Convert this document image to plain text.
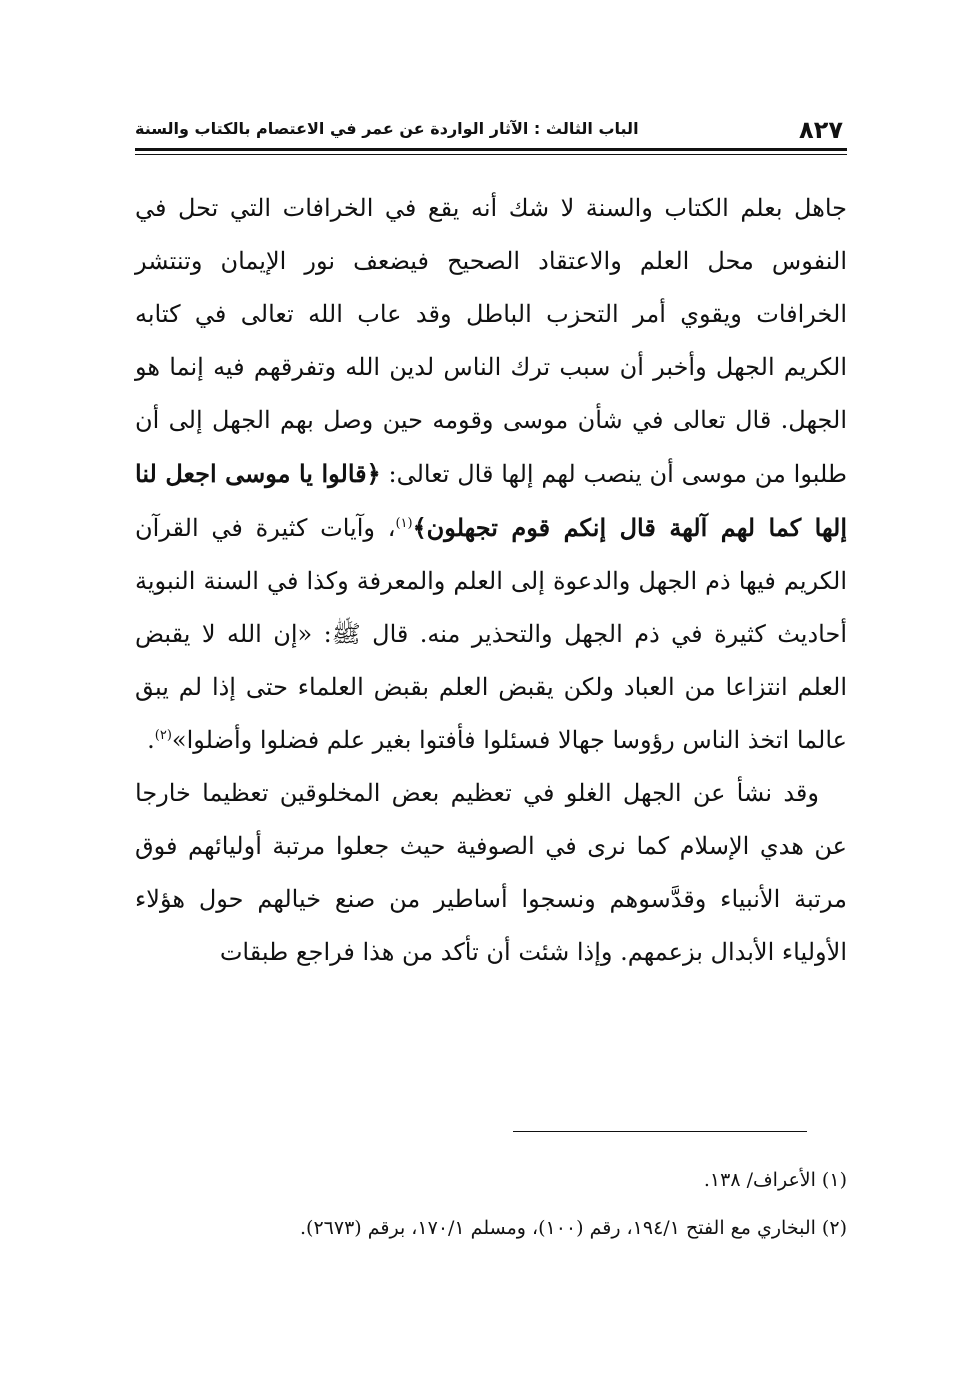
٨٢٧
الباب الثالث : الآثار الواردة عن عمر في الاعتصام بالكتاب والسنة

جاهل بعلم الكتاب والسنة لا شك أنه يقع في الخرافات التي تحل في النفوس محل العلم والاعتقاد الصحيح فيضعف نور الإيمان وتنتشر الخرافات ويقوي أمر التحزب الباطل وقد عاب الله تعالى في كتابه الكريم الجهل وأخبر أن سبب ترك الناس لدين الله وتفرقهم فيه إنما هو الجهل. قال تعالى في شأن موسى وقومه حين وصل بهم الجهل إلى أن طلبوا من موسى أن ينصب لهم إلها قال تعالى: ﴿قالوا يا موسى اجعل لنا إلها كما لهم آلهة قال إنكم قوم تجهلون﴾$^{(١)}$، وآيات كثيرة في القرآن الكريم فيها ذم الجهل والدعوة إلى العلم والمعرفة وكذا في السنة النبوية أحاديث كثيرة في ذم الجهل والتحذير منه. قال ﷺ: «إن الله لا يقبض العلم انتزاعا من العباد ولكن يقبض العلم بقبض العلماء حتى إذا لم يبق عالما اتخذ الناس رؤوسا جهالا فسئلوا فأفتوا بغير علم فضلوا وأضلوا»$^{(٢)}$.

وقد نشأ عن الجهل الغلو في تعظيم بعض المخلوقين تعظيما خارجا عن هدي الإسلام كما نرى في الصوفية حيث جعلوا مرتبة أوليائهم فوق مرتبة الأنبياء وقدَّسوهم ونسجوا أساطير من صنع خيالهم حول هؤلاء الأولياء الأبدال بزعمهم. وإذا شئت أن تأكد من هذا فراجع طبقات

(١) الأعراف/ ١٣٨.

(٢) البخاري مع الفتح ١٩٤/١، رقم (١٠٠)، ومسلم ١٧٠/١، برقم (٢٦٧٣).
